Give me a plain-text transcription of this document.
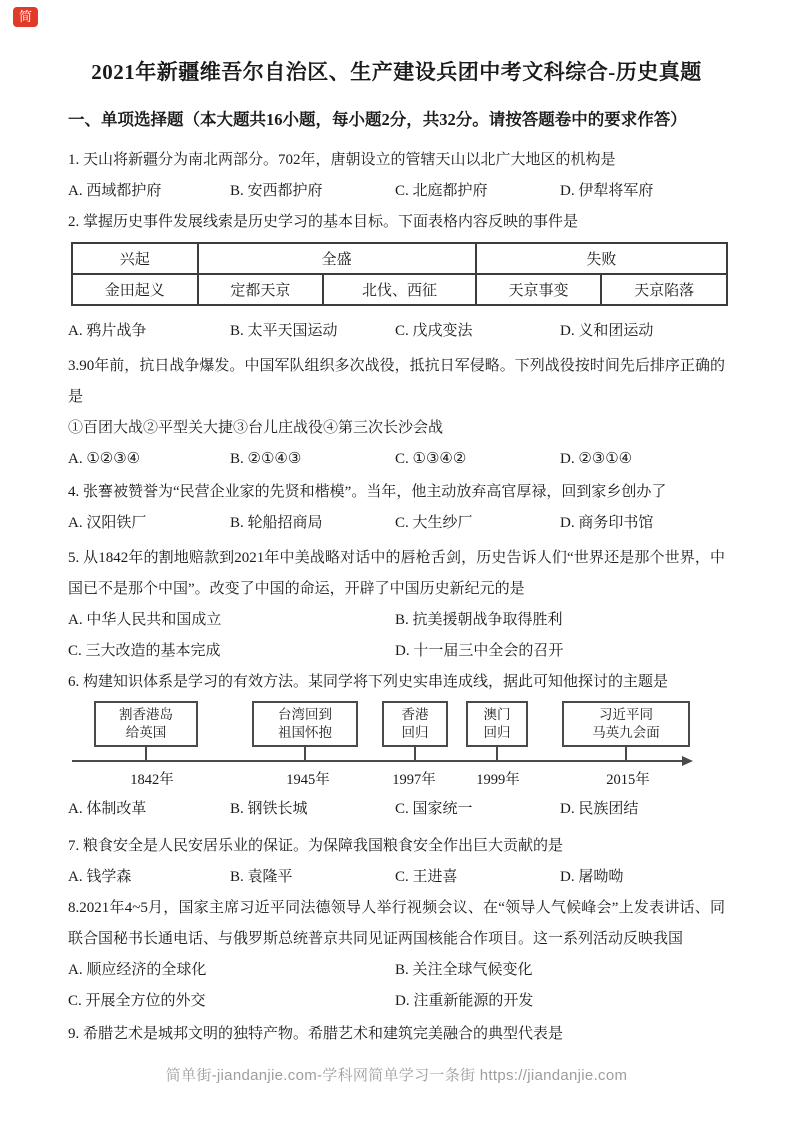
简
2021年新疆维吾尔自治区、生产建设兵团中考文科综合-历史真题
一、单项选择题（本大题共16小题，每小题2分，共32分。请按答题卷中的要求作答）
1. 天山将新疆分为南北两部分。702年，唐朝设立的管辖天山以北广大地区的机构是
A. 西域都护府	B. 安西都护府	C. 北庭都护府	D. 伊犁将军府
2. 掌握历史事件发展线索是历史学习的基本目标。下面表格内容反映的事件是
兴起	全盛		失败	
金田起义	定都天京	北伐、西征	天京事变	天京陷落
A. 鸦片战争	B. 太平天国运动	C. 戊戌变法	D. 义和团运动
3.90年前，抗日战争爆发。中国军队组织多次战役，抵抗日军侵略。下列战役按时间先后排序正确的是
①百团大战②平型关大捷③台儿庄战役④第三次长沙会战
A. ①②③④	B. ②①④③	C. ①③④②	D. ②③①④
4. 张謇被赞誉为“民营企业家的先贤和楷模”。当年，他主动放弃高官厚禄，回到家乡创办了
A. 汉阳铁厂	B. 轮船招商局	C. 大生纱厂	D. 商务印书馆
5. 从1842年的割地赔款到2021年中美战略对话中的唇枪舌剑，历史告诉人们“世界还是那个世界，中国已不是那个中国”。改变了中国的命运，开辟了中国历史新纪元的是
A. 中华人民共和国成立	B. 抗美援朝战争取得胜利
C. 三大改造的基本完成	D. 十一届三中全会的召开
6. 构建知识体系是学习的有效方法。某同学将下列史实串连成线，据此可知他探讨的主题是
割香港岛
给英国
台湾回到
祖国怀抱
香港
回归
澳门
回归
习近平同
马英九会面
1842年	1945年	1997年	1999年	2015年
A. 体制改革	B. 钢铁长城	C. 国家统一	D. 民族团结
7. 粮食安全是人民安居乐业的保证。为保障我国粮食安全作出巨大贡献的是
A. 钱学森	B. 袁隆平	C. 王进喜	D. 屠呦呦
8.2021年4~5月，国家主席习近平同法德领导人举行视频会议、在“领导人气候峰会”上发表讲话、同联合国秘书长通电话、与俄罗斯总统普京共同见证两国核能合作项目。这一系列活动反映我国
A. 顺应经济的全球化	B. 关注全球气候变化
C. 开展全方位的外交	D. 注重新能源的开发
9. 希腊艺术是城邦文明的独特产物。希腊艺术和建筑完美融合的典型代表是
简单街-jiandanjie.com-学科网简单学习一条街 https://jiandanjie.com
